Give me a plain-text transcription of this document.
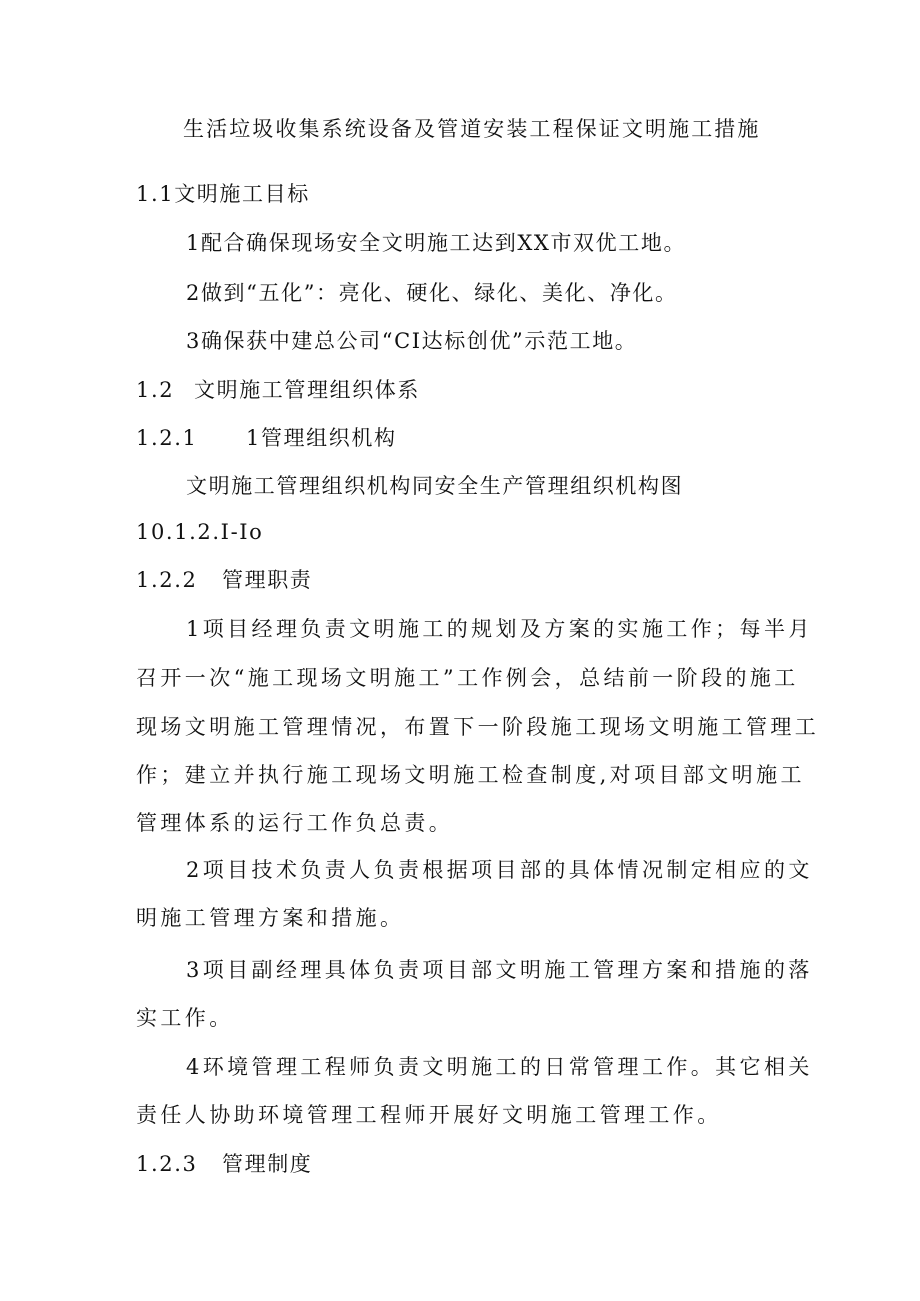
生活垃圾收集系统设备及管道安装工程保证文明施工措施
1.1文明施工目标
1配合确保现场安全文明施工达到XX市双优工地。
2做到“五化”：亮化、硬化、绿化、美化、净化。
3确保获中建总公司“CI达标创优”示范工地。
1.2 文明施工管理组织体系
1.2.1 1管理组织机构
文明施工管理组织机构同安全生产管理组织机构图
10.1.2.I-Io
1.2.2 管理职责
1项目经理负责文明施工的规划及方案的实施工作；每半月
召开一次“施工现场文明施工”工作例会，总结前一阶段的施工
现场文明施工管理情况，布置下一阶段施工现场文明施工管理工
作；建立并执行施工现场文明施工检查制度,对项目部文明施工
管理体系的运行工作负总责。
2项目技术负责人负责根据项目部的具体情况制定相应的文
明施工管理方案和措施。
3项目副经理具体负责项目部文明施工管理方案和措施的落
实工作。
4环境管理工程师负责文明施工的日常管理工作。其它相关
责任人协助环境管理工程师开展好文明施工管理工作。
1.2.3 管理制度
